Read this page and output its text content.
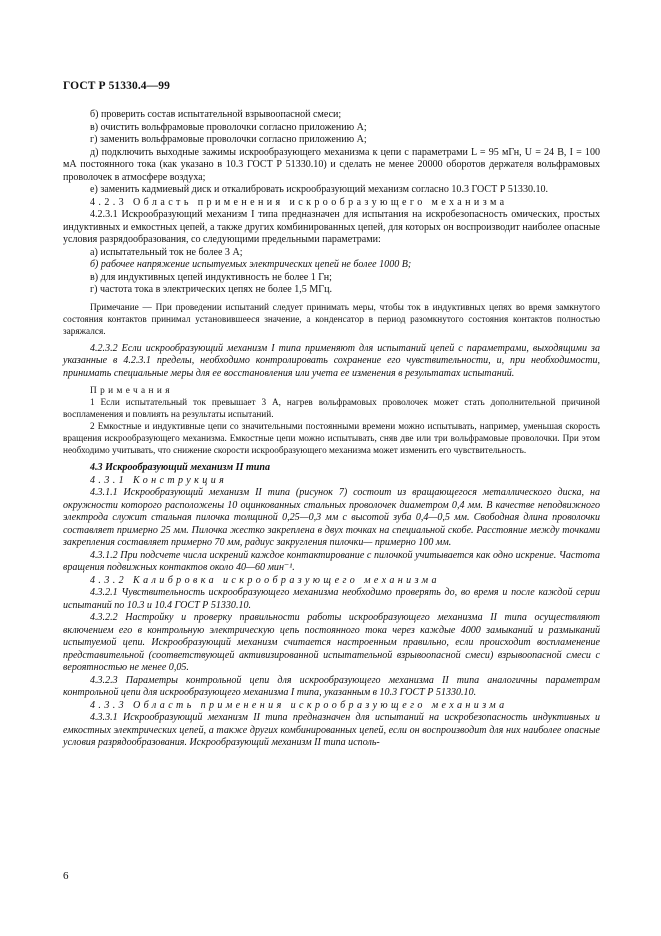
ГОСТ Р 51330.4—99

б) проверить состав испытательной взрывоопасной смеси;

в) очистить вольфрамовые проволочки согласно приложению А;

г) заменить вольфрамовые проволочки согласно приложению А;

д) подключить выходные зажимы искрообразующего механизма к цепи с параметрами L = 95 мГн, U = 24 В, I = 100 мА постоянного тока (как указано в 10.3 ГОСТ Р 51330.10) и сделать не менее 20000 оборотов держателя вольфрамовых проволочек в атмосфере воздуха;

е) заменить кадмиевый диск и откалибровать искрообразующий механизм согласно 10.3 ГОСТ Р 51330.10.

4.2.3 Область применения искрообразующего механизма

4.2.3.1 Искрообразующий механизм I типа предназначен для испытания на искробезопасность омических, простых индуктивных и емкостных цепей, а также других комбинированных цепей, для которых он воспроизводит наиболее опасные условия разрядообразования, со следующими предельными параметрами:

а) испытательный ток не более 3 А;

б) рабочее напряжение испытуемых электрических цепей не более 1000 В;

в) для индуктивных цепей индуктивность не более 1 Гн;

г) частота тока в электрических цепях не более 1,5 МГц.

Примечание — При проведении испытаний следует принимать меры, чтобы ток в индуктивных цепях во время замкнутого состояния контактов принимал установившееся значение, а конденсатор в период разомкнутого состояния контактов полностью заряжался.

4.2.3.2 Если искрообразующий механизм I типа применяют для испытаний цепей с параметрами, выходящими за указанные в 4.2.3.1 пределы, необходимо контролировать сохранение его чувствительности, и, при необходимости, принимать специальные меры для ее восстановления или учета ее изменения в результатах испытаний.

Примечания

1 Если испытательный ток превышает 3 А, нагрев вольфрамовых проволочек может стать дополнительной причиной воспламенения и повлиять на результаты испытаний.

2 Емкостные и индуктивные цепи со значительными постоянными времени можно испытывать, например, уменьшая скорость вращения искрообразующего механизма. Емкостные цепи можно испытывать, сняв две или три вольфрамовые проволочки. При этом необходимо учитывать, что снижение скорости искрообразующего механизма может изменить его чувствительность.

4.3 Искрообразующий механизм II типа

4.3.1 Конструкция

4.3.1.1 Искрообразующий механизм II типа (рисунок 7) состоит из вращающегося металлического диска, на окружности которого расположены 10 оцинкованных стальных проволочек диаметром 0,4 мм. В качестве неподвижного электрода служит стальная пилочка толщиной 0,25—0,3 мм с высотой зуба 0,4—0,5 мм. Свободная длина проволочки составляет примерно 25 мм. Пилочка жестко закреплена в двух точках на специальной скобе. Расстояние между точками закрепления составляет примерно 70 мм, радиус закругления пилочки— примерно 100 мм.

4.3.1.2 При подсчете числа искрений каждое контактирование с пилочкой учитывается как одно искрение. Частота вращения подвижных контактов около 40—60 мин⁻¹.

4.3.2 Калибровка искрообразующего механизма

4.3.2.1 Чувствительность искрообразующего механизма необходимо проверять до, во время и после каждой серии испытаний по 10.3 и 10.4 ГОСТ Р 51330.10.

4.3.2.2 Настройку и проверку правильности работы искрообразующего механизма II типа осуществляют включением его в контрольную электрическую цепь постоянного тока через каждые 4000 замыканий и размыканий испытуемой цепи. Искрообразующий механизм считается настроенным правильно, если происходит воспламенение представительной (соответствующей активизированной испытательной взрывоопасной смеси) взрывоопасной смеси с вероятностью не менее 0,05.

4.3.2.3 Параметры контрольной цепи для искрообразующего механизма II типа аналогичны параметрам контрольной цепи для искрообразующего механизма I типа, указанным в 10.3 ГОСТ Р 51330.10.

4.3.3 Область применения искрообразующего механизма

4.3.3.1 Искрообразующий механизм II типа предназначен для испытаний на искробезопасность индуктивных и емкостных электрических цепей, а также других комбинированных цепей, если он воспроизводит для них наиболее опасные условия разрядообразования. Искрообразующий механизм II типа исполь-

6
